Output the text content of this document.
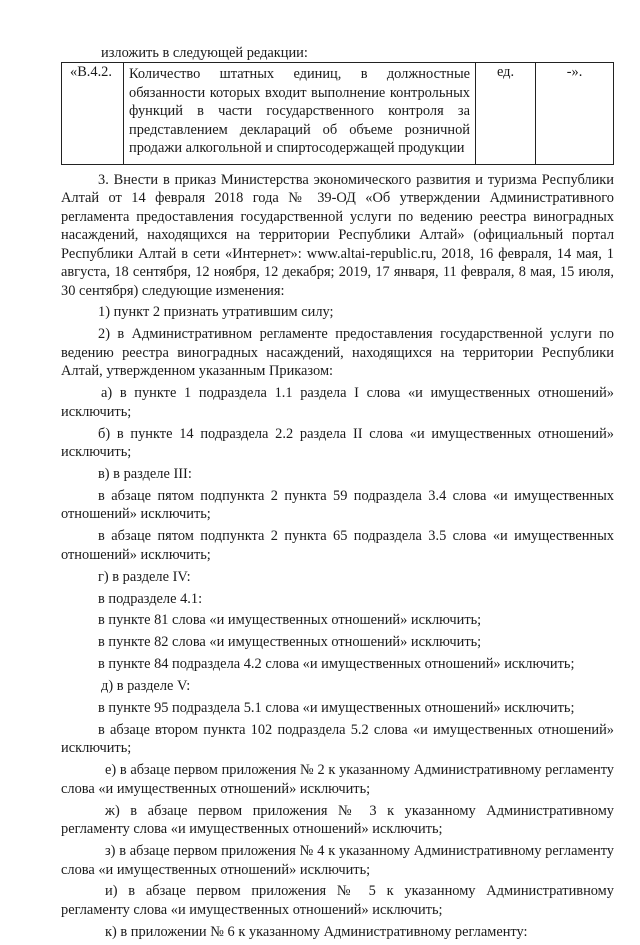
изложить в следующей редакции:
«В.4.2.	Количество штатных единиц, в должностные обязанности которых входит выполнение контрольных функций в части государственного контроля за представлением деклараций об объеме розничной продажи алкогольной и спиртосодержащей продукции	ед.	-».
3. Внести в приказ Министерства экономического развития и туризма Республики Алтай от 14 февраля 2018 года № 39-ОД «Об утверждении Административного регламента предоставления государственной услуги по ведению реестра виноградных насаждений, находящихся на территории Республики Алтай» (официальный портал Республики Алтай в сети «Интернет»: www.altai-republic.ru, 2018, 16 февраля, 14 мая, 1 августа, 18 сентября, 12 ноября, 12 декабря; 2019, 17 января, 11 февраля, 8 мая, 15 июля, 30 сентября) следующие изменения:
1) пункт 2 признать утратившим силу;
2) в Административном регламенте предоставления государственной услуги по ведению реестра виноградных насаждений, находящихся на территории Республики Алтай, утвержденном указанным Приказом:
а) в пункте 1 подраздела 1.1 раздела I слова «и имущественных отношений» исключить;
б) в пункте 14 подраздела 2.2 раздела II слова «и имущественных отношений» исключить;
в) в разделе III:
в абзаце пятом подпункта 2 пункта 59 подраздела 3.4 слова «и имущественных отношений» исключить;
в абзаце пятом подпункта 2 пункта 65 подраздела 3.5 слова «и имущественных отношений» исключить;
г) в разделе IV:
в подразделе 4.1:
в пункте 81 слова «и имущественных отношений» исключить;
в пункте 82 слова «и имущественных отношений» исключить;
в пункте 84 подраздела 4.2 слова «и имущественных отношений» исключить;
д) в разделе V:
в пункте 95 подраздела 5.1 слова «и имущественных отношений» исключить;
в абзаце втором пункта 102 подраздела 5.2 слова «и имущественных отношений» исключить;
е) в абзаце первом приложения № 2 к указанному Административному регламенту слова «и имущественных отношений» исключить;
ж) в абзаце первом приложения № 3 к указанному Административному регламенту слова «и имущественных отношений» исключить;
з) в абзаце первом приложения № 4 к указанному Административному регламенту слова «и имущественных отношений» исключить;
и) в абзаце первом приложения № 5 к указанному Административному регламенту слова «и имущественных отношений» исключить;
к) в приложении № 6 к указанному Административному регламенту:
